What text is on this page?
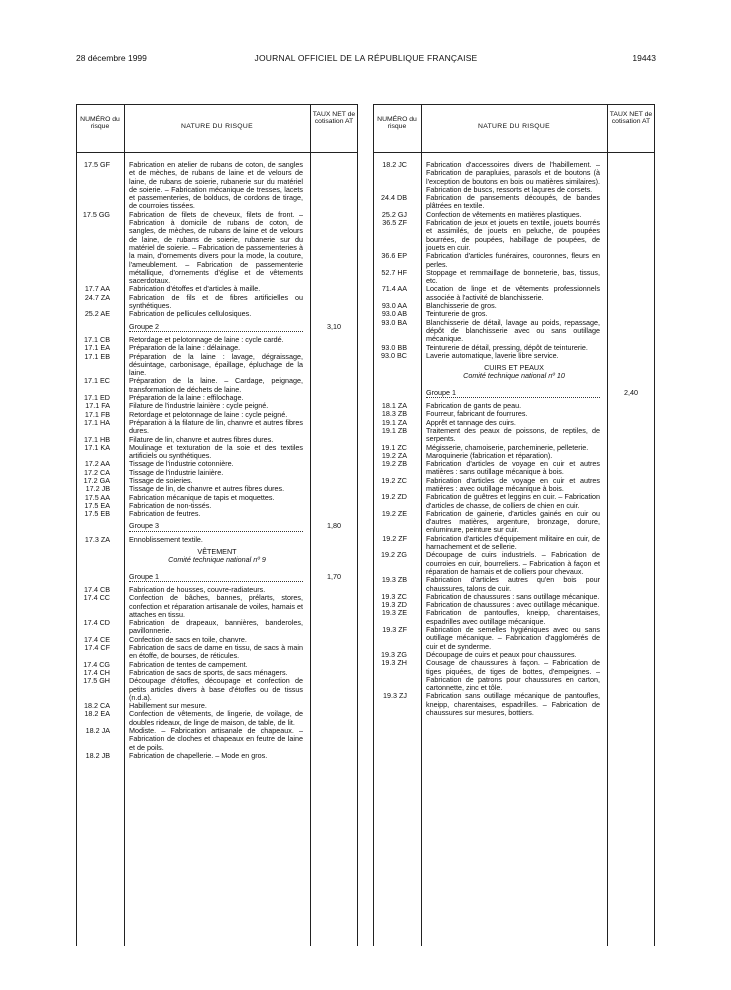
28 décembre 1999	JOURNAL OFFICIEL DE LA RÉPUBLIQUE FRANÇAISE	19443
NUMÉRO du risque	NATURE DU RISQUE
TAUX NET de cotisation AT
17.5 GF	Fabrication en atelier de rubans de coton, de sangles et de mèches, de rubans de laine et de velours de laine, de rubans de soierie, rubanerie sur du matériel de soierie. – Fabrication mécanique de tresses, lacets et passementeries, de bolducs, de cordons de tirage, de courroies tissées.
17.5 GG	Fabrication de filets de cheveux, filets de front. – Fabrication à domicile de rubans de coton, de sangles, de mèches, de rubans de laine et de velours de laine, de rubans de soierie, rubanerie sur du matériel de soierie. – Fabrication de passementeries à la main, d'ornements divers pour la mode, la couture, l'ameublement. – Fabrication de passementerie métallique, d'ornements d'église et de vêtements sacerdotaux.
17.7 AA	Fabrication d'étoffes et d'articles à maille.
24.7 ZA	Fabrication de fils et de fibres artificielles ou synthétiques.
25.2 AE	Fabrication de pellicules cellulosiques.
Groupe 2	3,10
17.1 CB	Retordage et pelotonnage de laine : cycle cardé.
17.1 EA	Préparation de la laine : délainage.
17.1 EB	Préparation de la laine : lavage, dégraissage, désuintage, carbonisage, épaillage, épluchage de la laine.
17.1 EC	Préparation de la laine. – Cardage, peignage, transformation de déchets de laine.
17.1 ED	Préparation de la laine : effilochage.
17.1 FA	Filature de l'industrie lainière : cycle peigné.
17.1 FB	Retordage et pelotonnage de laine : cycle peigné.
17.1 HA	Préparation à la filature de lin, chanvre et autres fibres dures.
17.1 HB	Filature de lin, chanvre et autres fibres dures.
17.1 KA	Moulinage et texturation de la soie et des textiles artificiels ou synthétiques.
17.2 AA	Tissage de l'industrie cotonnière.
17.2 CA	Tissage de l'industrie lainière.
17.2 GA	Tissage de soieries.
17.2 JB	Tissage de lin, de chanvre et autres fibres dures.
17.5 AA	Fabrication mécanique de tapis et moquettes.
17.5 EA	Fabrication de non-tissés.
17.5 EB	Fabrication de feutres.
Groupe 3	1,80
17.3 ZA	Ennoblissement textile.
VÊTEMENT
Comité technique national nº 9
Groupe 1	1,70
17.4 CB	Fabrication de housses, couvre-radiateurs.
17.4 CC	Confection de bâches, bannes, prélarts, stores, confection et réparation artisanale de voiles, hamais et attaches en tissu.
17.4 CD	Fabrication de drapeaux, bannières, banderoles, pavillonnerie.
17.4 CE	Confection de sacs en toile, chanvre.
17.4 CF	Fabrication de sacs de dame en tissu, de sacs à main en étoffe, de bourses, de réticules.
17.4 CG	Fabrication de tentes de campement.
17.4 CH	Fabrication de sacs de sports, de sacs ménagers.
17.5 GH	Découpage d'étoffes, découpage et confection de petits articles divers à base d'étoffes ou de tissus (n.d.a).
18.2 CA	Habillement sur mesure.
18.2 EA	Confection de vêtements, de lingerie, de voilage, de doubles rideaux, de linge de maison, de table, de lit.
18.2 JA	Modiste. – Fabrication artisanale de chapeaux. – Fabrication de cloches et chapeaux en feutre de laine et de poils.
18.2 JB	Fabrication de chapellerie. – Mode en gros.
NUMÉRO du risque	NATURE DU RISQUE
TAUX NET de cotisation AT
18.2 JC	Fabrication d'accessoires divers de l'habillement. – Fabrication de parapluies, parasols et de boutons (à l'exception de boutons en bois ou matières similaires). Fabrication de buscs, ressorts et laçures de corsets.
24.4 DB	Fabrication de pansements découpés, de bandes plâtrées en textile.
25.2 GJ	Confection de vêtements en matières plastiques.
36.5 ZF	Fabrication de jeux et jouets en textile, jouets bourrés et assimilés, de jouets en peluche, de poupées bourrées, de poupées, habillage de poupées, de jouets en cuir.
36.6 EP	Fabrication d'articles funéraires, couronnes, fleurs en perles.
52.7 HF	Stoppage et remmaillage de bonneterie, bas, tissus, etc.
71.4 AA	Location de linge et de vêtements professionnels associée à l'activité de blanchisserie.
93.0 AA	Blanchisserie de gros.
93.0 AB	Teinturerie de gros.
93.0 BA	Blanchisserie de détail, lavage au poids, repassage, dépôt de blanchisserie avec ou sans outillage mécanique.
93.0 BB	Teinturerie de détail, pressing, dépôt de teinturerie.
93.0 BC	Laverie automatique, laverie libre service.
CUIRS ET PEAUX
Comité technique national nº 10
Groupe 1	2,40
18.1 ZA	Fabrication de gants de peau.
18.3 ZB	Fourreur, fabricant de fourrures.
19.1 ZA	Apprêt et tannage des cuirs.
19.1 ZB	Traitement des peaux de poissons, de reptiles, de serpents.
19.1 ZC	Mégisserie, chamoiserie, parcheminerie, pelleterie.
19.2 ZA	Maroquinerie (fabrication et réparation).
19.2 ZB	Fabrication d'articles de voyage en cuir et autres matières : sans outillage mécanique à bois.
19.2 ZC	Fabrication d'articles de voyage en cuir et autres matières : avec outillage mécanique à bois.
19.2 ZD	Fabrication de guêtres et leggins en cuir. – Fabrication d'articles de chasse, de colliers de chien en cuir.
19.2 ZE	Fabrication de gainerie, d'articles gainés en cuir ou d'autres matières, argenture, bronzage, dorure, enluminure, peinture sur cuir.
19.2 ZF	Fabrication d'articles d'équipement militaire en cuir, de harnachement et de sellerie.
19.2 ZG	Découpage de cuirs industriels. – Fabrication de courroies en cuir, bourreliers. – Fabrication à façon et réparation de harnais et de colliers pour chevaux.
19.3 ZB	Fabrication d'articles autres qu'en bois pour chaussures, talons de cuir.
19.3 ZC	Fabrication de chaussures : sans outillage mécanique.
19.3 ZD	Fabrication de chaussures : avec outillage mécanique.
19.3 ZE	Fabrication de pantoufles, kneipp, charentaises, espadrilles avec outillage mécanique.
19.3 ZF	Fabrication de semelles hygiéniques avec ou sans outillage mécanique. – Fabrication d'agglomérés de cuir et de synderme.
19.3 ZG	Découpage de cuirs et peaux pour chaussures.
19.3 ZH	Cousage de chaussures à façon. – Fabrication de tiges piquées, de tiges de bottes, d'empeignes. – Fabrication de patrons pour chaussures en carton, cartonnette, zinc et tôle.
19.3 ZJ	Fabrication sans outillage mécanique de pantoufles, kneipp, charentaises, espadrilles. – Fabrication de chaussures sur mesures, bottiers.
